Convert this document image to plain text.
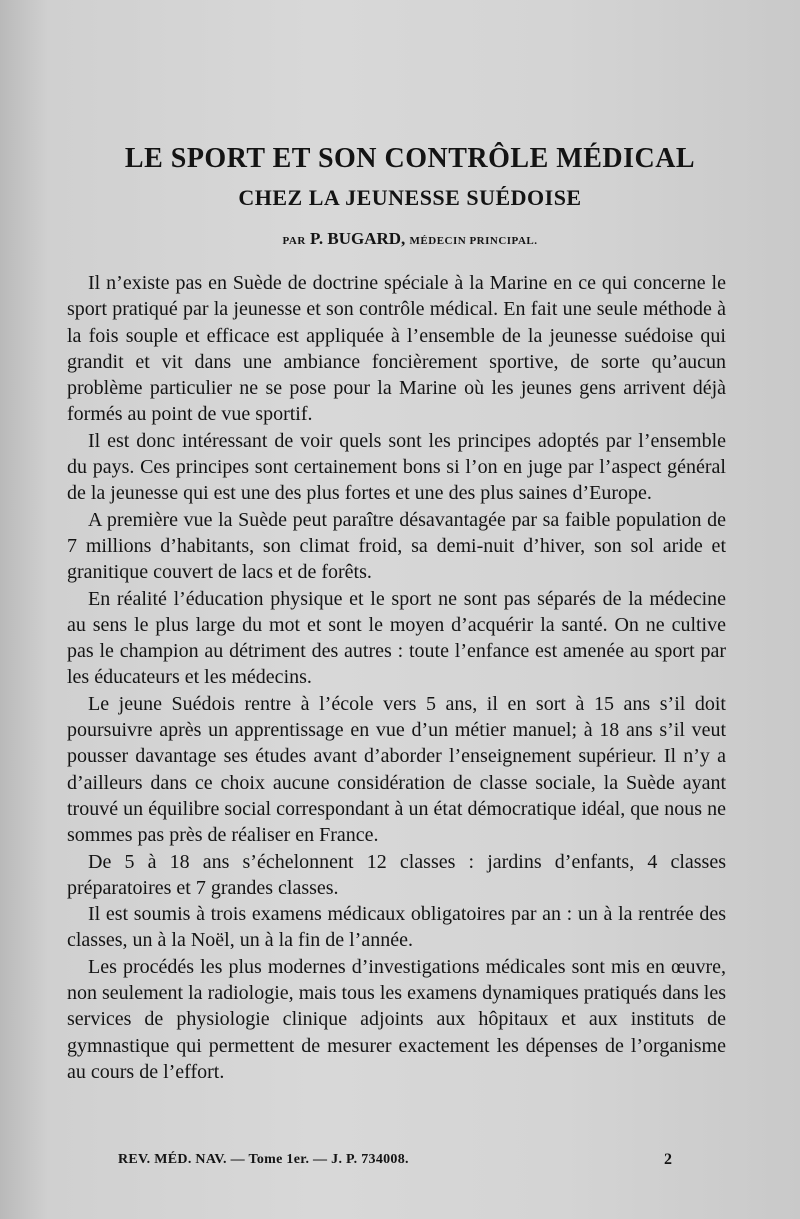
LE SPORT ET SON CONTRÔLE MÉDICAL
CHEZ LA JEUNESSE SUÉDOISE
PAR P. BUGARD, MÉDECIN PRINCIPAL.

Il n’existe pas en Suède de doctrine spéciale à la Marine en ce qui concerne le sport pratiqué par la jeunesse et son contrôle médical. En fait une seule méthode à la fois souple et efficace est appliquée à l’ensemble de la jeunesse suédoise qui grandit et vit dans une ambiance foncièrement sportive, de sorte qu’aucun problème particulier ne se pose pour la Marine où les jeunes gens arrivent déjà formés au point de vue sportif.

Il est donc intéressant de voir quels sont les principes adoptés par l’ensemble du pays. Ces principes sont certainement bons si l’on en juge par l’aspect général de la jeunesse qui est une des plus fortes et une des plus saines d’Europe.

A première vue la Suède peut paraître désavantagée par sa faible population de 7 millions d’habitants, son climat froid, sa demi-nuit d’hiver, son sol aride et granitique couvert de lacs et de forêts.

En réalité l’éducation physique et le sport ne sont pas séparés de la médecine au sens le plus large du mot et sont le moyen d’acquérir la santé. On ne cultive pas le champion au détriment des autres : toute l’enfance est amenée au sport par les éducateurs et les médecins.

Le jeune Suédois rentre à l’école vers 5 ans, il en sort à 15 ans s’il doit poursuivre après un apprentissage en vue d’un métier manuel; à 18 ans s’il veut pousser davantage ses études avant d’aborder l’enseignement supérieur. Il n’y a d’ailleurs dans ce choix aucune considération de classe sociale, la Suède ayant trouvé un équilibre social correspondant à un état démocratique idéal, que nous ne sommes pas près de réaliser en France.

De 5 à 18 ans s’échelonnent 12 classes : jardins d’enfants, 4 classes préparatoires et 7 grandes classes.

Il est soumis à trois examens médicaux obligatoires par an : un à la rentrée des classes, un à la Noël, un à la fin de l’année.

Les procédés les plus modernes d’investigations médicales sont mis en œuvre, non seulement la radiologie, mais tous les examens dynamiques pratiqués dans les services de physiologie clinique adjoints aux hôpitaux et aux instituts de gymnastique qui permettent de mesurer exactement les dépenses de l’organisme au cours de l’effort.

REV. MÉD. NAV. — Tome 1er. — J. P. 734008.	2
